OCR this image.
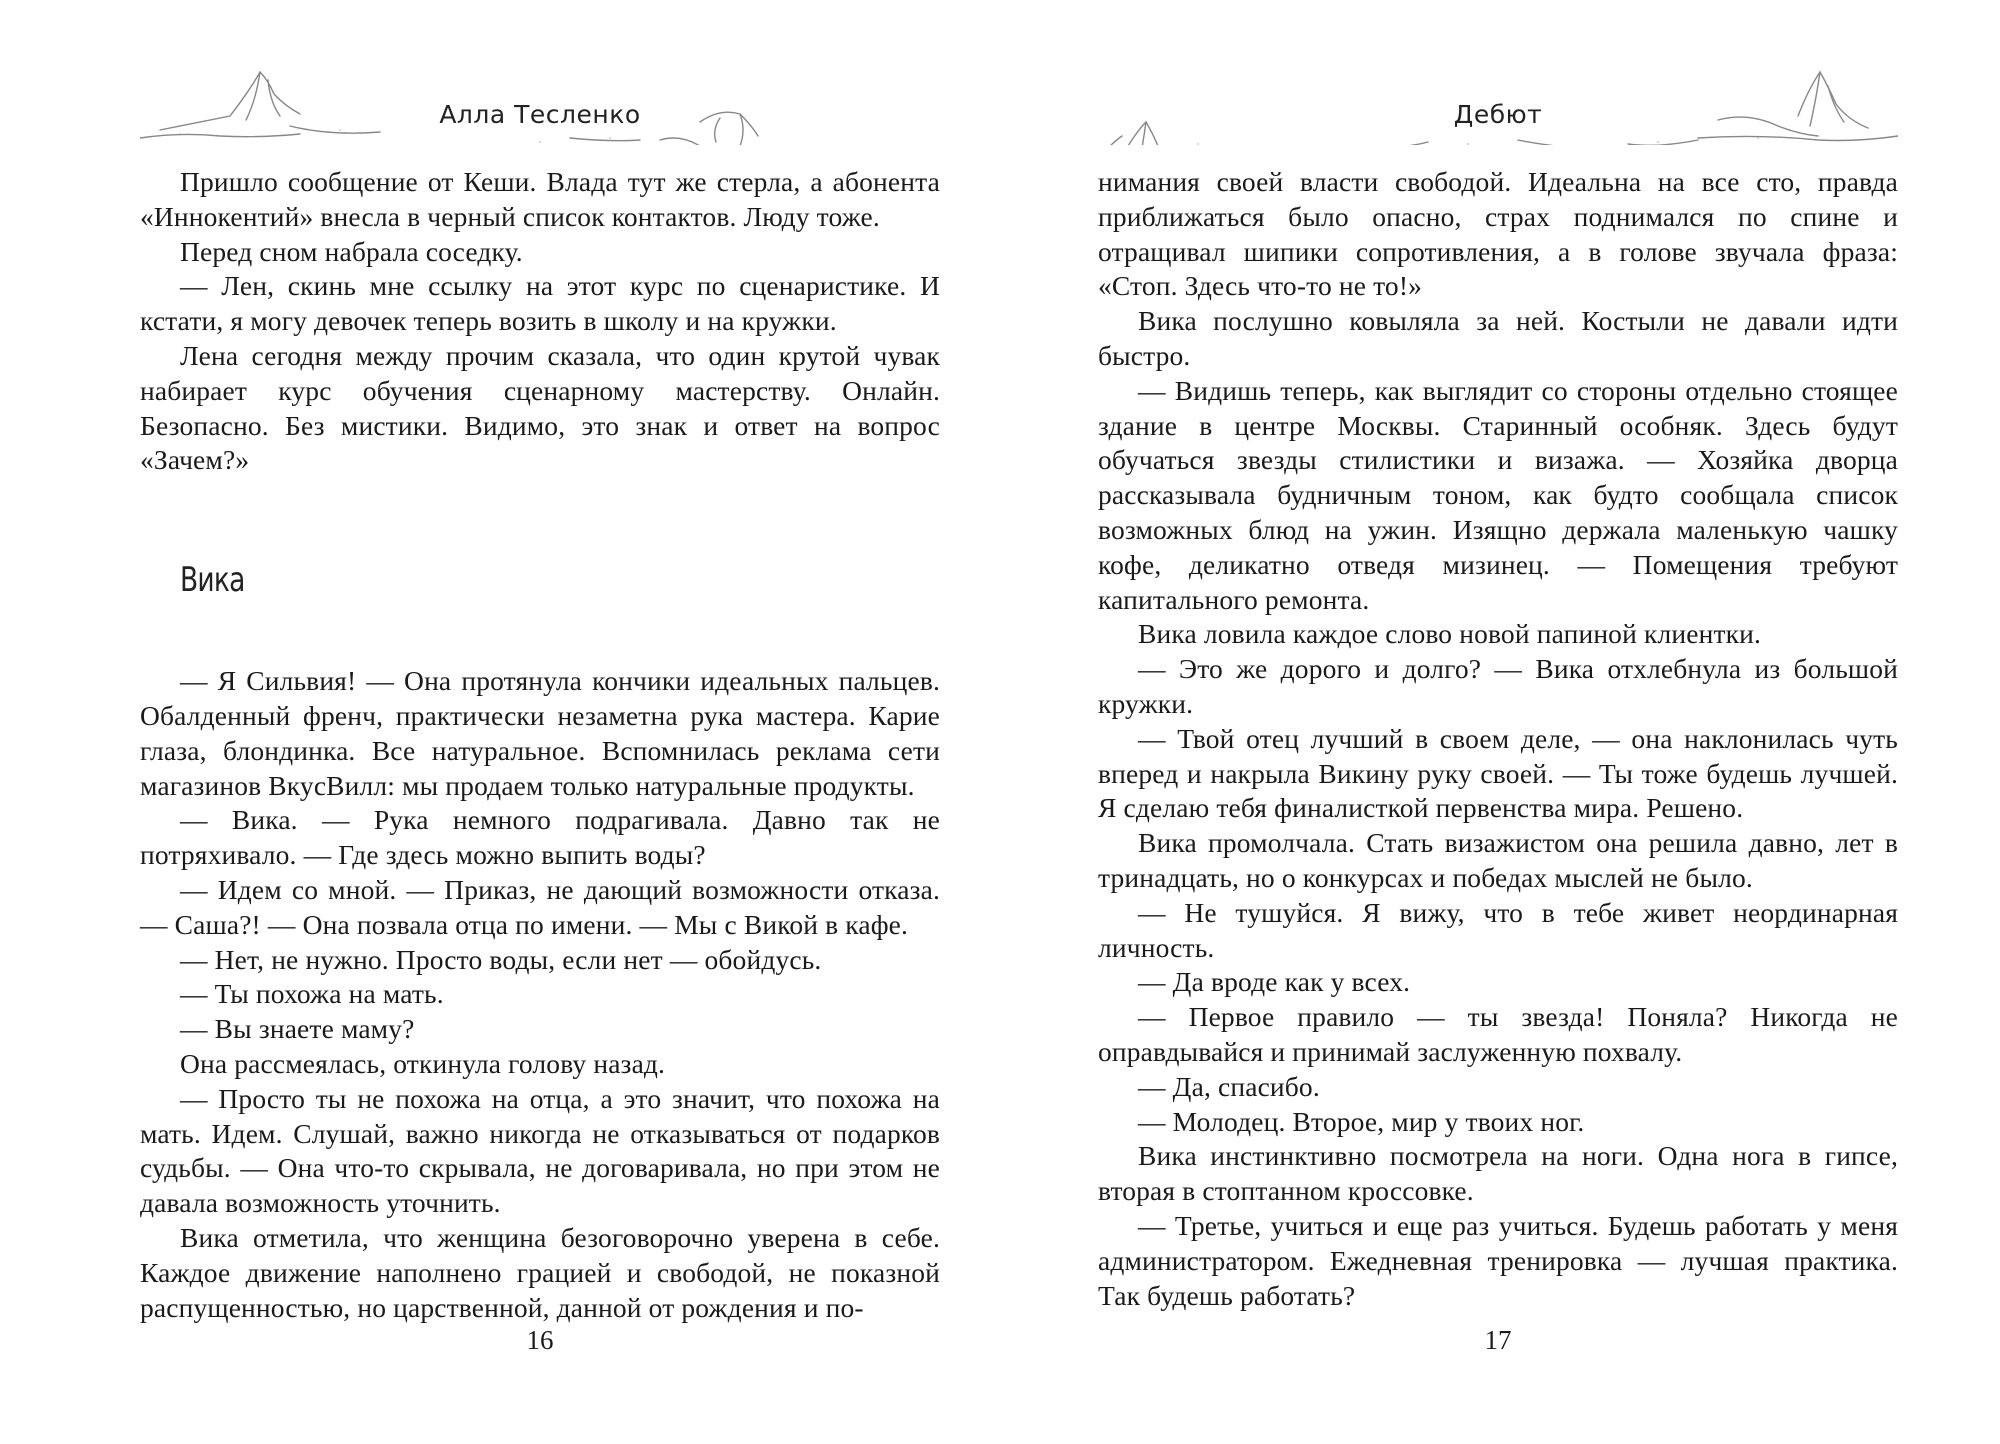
Алла Тесленко

Пришло сообщение от Кеши. Влада тут же стерла, а абонента «Иннокентий» внесла в черный список контактов. Люду тоже.

Перед сном набрала соседку.

— Лен, скинь мне ссылку на этот курс по сценаристике. И кстати, я могу девочек теперь возить в школу и на кружки.

Лена сегодня между прочим сказала, что один крутой чувак набирает курс обучения сценарному мастерству. Онлайн. Безопасно. Без мистики. Видимо, это знак и ответ на вопрос «Зачем?»

Вика

— Я Сильвия! — Она протянула кончики идеальных пальцев. Обалденный френч, практически незаметна рука мастера. Карие глаза, блондинка. Все натуральное. Вспомнилась реклама сети магазинов ВкусВилл: мы продаем только натуральные продукты.

— Вика. — Рука немного подрагивала. Давно так не потряхивало. — Где здесь можно выпить воды?

— Идем со мной. — Приказ, не дающий возможности отказа. — Саша?! — Она позвала отца по имени. — Мы с Викой в кафе.

— Нет, не нужно. Просто воды, если нет — обойдусь.

— Ты похожа на мать.

— Вы знаете маму?

Она рассмеялась, откинула голову назад.

— Просто ты не похожа на отца, а это значит, что похожа на мать. Идем. Слушай, важно никогда не отказываться от подарков судьбы. — Она что-то скрывала, не договаривала, но при этом не давала возможность уточнить.

Вика отметила, что женщина безоговорочно уверена в себе. Каждое движение наполнено грацией и свободой, не показной распущенностью, но царственной, данной от рождения и по-

16
Дебют

нимания своей власти свободой. Идеальна на все сто, правда приближаться было опасно, страх поднимался по спине и отращивал шипики сопротивления, а в голове звучала фраза: «Стоп. Здесь что-то не то!»

Вика послушно ковыляла за ней. Костыли не давали идти быстро.

— Видишь теперь, как выглядит со стороны отдельно стоящее здание в центре Москвы. Старинный особняк. Здесь будут обучаться звезды стилистики и визажа. — Хозяйка дворца рассказывала будничным тоном, как будто сообщала список возможных блюд на ужин. Изящно держала маленькую чашку кофе, деликатно отведя мизинец. — Помещения требуют капитального ремонта.

Вика ловила каждое слово новой папиной клиентки.

— Это же дорого и долго? — Вика отхлебнула из большой кружки.

— Твой отец лучший в своем деле, — она наклонилась чуть вперед и накрыла Викину руку своей. — Ты тоже будешь лучшей. Я сделаю тебя финалисткой первенства мира. Решено.

Вика промолчала. Стать визажистом она решила давно, лет в тринадцать, но о конкурсах и победах мыслей не было.

— Не тушуйся. Я вижу, что в тебе живет неординарная личность.

— Да вроде как у всех.

— Первое правило — ты звезда! Поняла? Никогда не оправдывайся и принимай заслуженную похвалу.

— Да, спасибо.

— Молодец. Второе, мир у твоих ног.

Вика инстинктивно посмотрела на ноги. Одна нога в гипсе, вторая в стоптанном кроссовке.

— Третье, учиться и еще раз учиться. Будешь работать у меня администратором. Ежедневная тренировка — лучшая практика. Так будешь работать?

17
